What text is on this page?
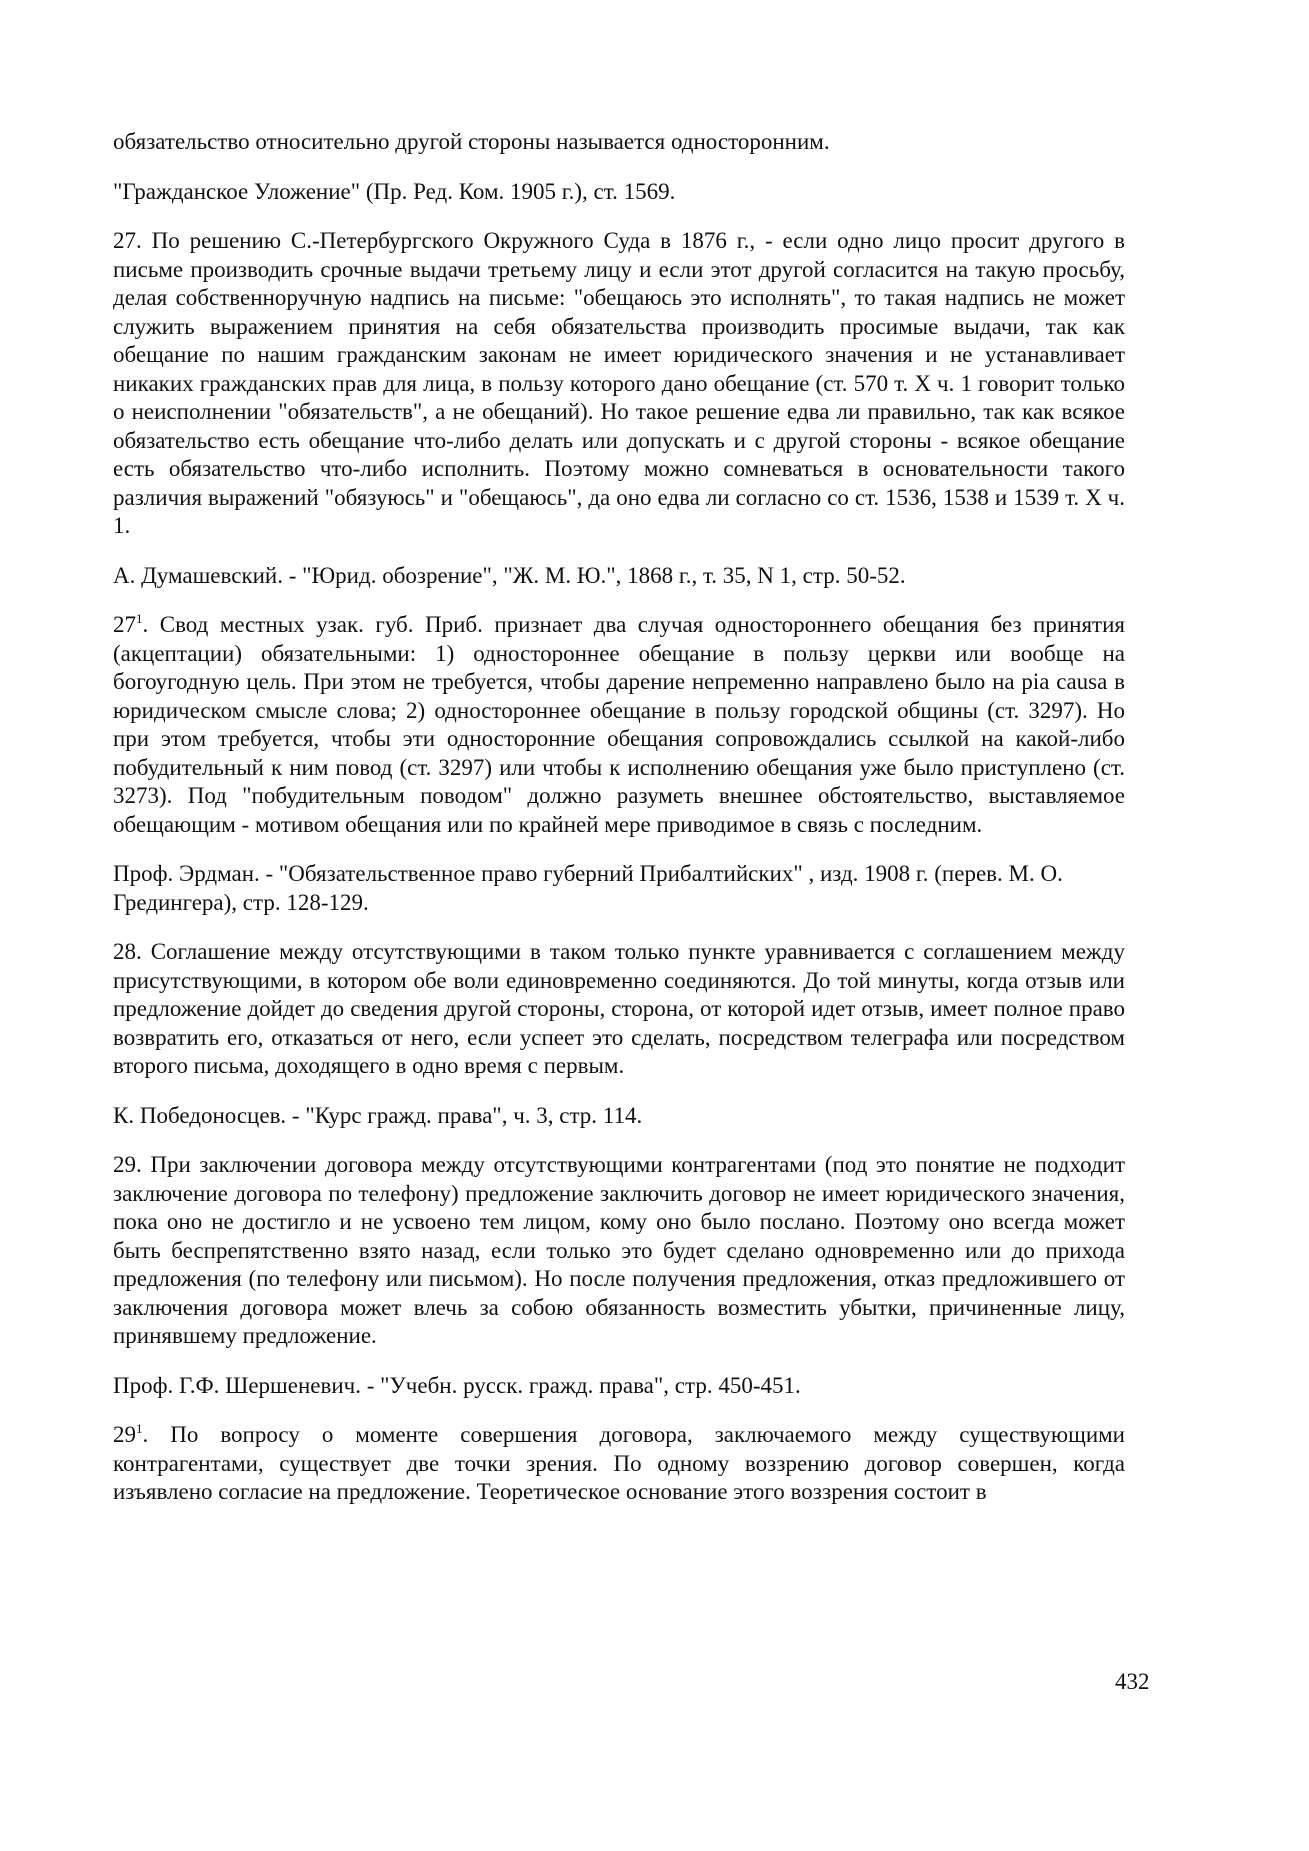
обязательство относительно другой стороны называется односторонним.

"Гражданское Уложение" (Пр. Ред. Ком. 1905 г.), ст. 1569.

27. По решению С.-Петербургского Окружного Суда в 1876 г., - если одно лицо просит другого в письме производить срочные выдачи третьему лицу и если этот другой согласится на такую просьбу, делая собственноручную надпись на письме: "обещаюсь это исполнять", то такая надпись не может служить выражением принятия на себя обязательства производить просимые выдачи, так как обещание по нашим гражданским законам не имеет юридического значения и не устанавливает никаких гражданских прав для лица, в пользу которого дано обещание (ст. 570 т. X ч. 1 говорит только о неисполнении "обязательств", а не обещаний). Но такое решение едва ли правильно, так как всякое обязательство есть обещание что-либо делать или допускать и с другой стороны - всякое обещание есть обязательство что-либо исполнить. Поэтому можно сомневаться в основательности такого различия выражений "обязуюсь" и "обещаюсь", да оно едва ли согласно со ст. 1536, 1538 и 1539 т. X ч. 1.

А. Думашевский. - "Юрид. обозрение", "Ж. М. Ю.", 1868 г., т. 35, N 1, стр. 50-52.

$27^1$. Свод местных узак. губ. Приб. признает два случая одностороннего обещания без принятия (акцептации) обязательными: 1) одностороннее обещание в пользу церкви или вообще на богоугодную цель. При этом не требуется, чтобы дарение непременно направлено было на pia causa в юридическом смысле слова; 2) одностороннее обещание в пользу городской общины (ст. 3297). Но при этом требуется, чтобы эти односторонние обещания сопровождались ссылкой на какой-либо побудительный к ним повод (ст. 3297) или чтобы к исполнению обещания уже было приступлено (ст. 3273). Под "побудительным поводом" должно разуметь внешнее обстоятельство, выставляемое обещающим - мотивом обещания или по крайней мере приводимое в связь с последним.

Проф. Эрдман. - "Обязательственное право губерний Прибалтийских" , изд. 1908 г. (перев. М. О. Гредингера), стр. 128-129.

28. Соглашение между отсутствующими в таком только пункте уравнивается с соглашением между присутствующими, в котором обе воли единовременно соединяются. До той минуты, когда отзыв или предложение дойдет до сведения другой стороны, сторона, от которой идет отзыв, имеет полное право возвратить его, отказаться от него, если успеет это сделать, посредством телеграфа или посредством второго письма, доходящего в одно время с первым.

К. Победоносцев. - "Курс гражд. права", ч. 3, стр. 114.

29. При заключении договора между отсутствующими контрагентами (под это понятие не подходит заключение договора по телефону) предложение заключить договор не имеет юридического значения, пока оно не достигло и не усвоено тем лицом, кому оно было послано. Поэтому оно всегда может быть беспрепятственно взято назад, если только это будет сделано одновременно или до прихода предложения (по телефону или письмом). Но после получения предложения, отказ предложившего от заключения договора может влечь за собою обязанность возместить убытки, причиненные лицу, принявшему предложение.

Проф. Г.Ф. Шершеневич. - "Учебн. русск. гражд. права", стр. 450-451.

$29^1$. По вопросу о моменте совершения договора, заключаемого между существующими контрагентами, существует две точки зрения. По одному воззрению договор совершен, когда изъявлено согласие на предложение. Теоретическое основание этого воззрения состоит в

432
